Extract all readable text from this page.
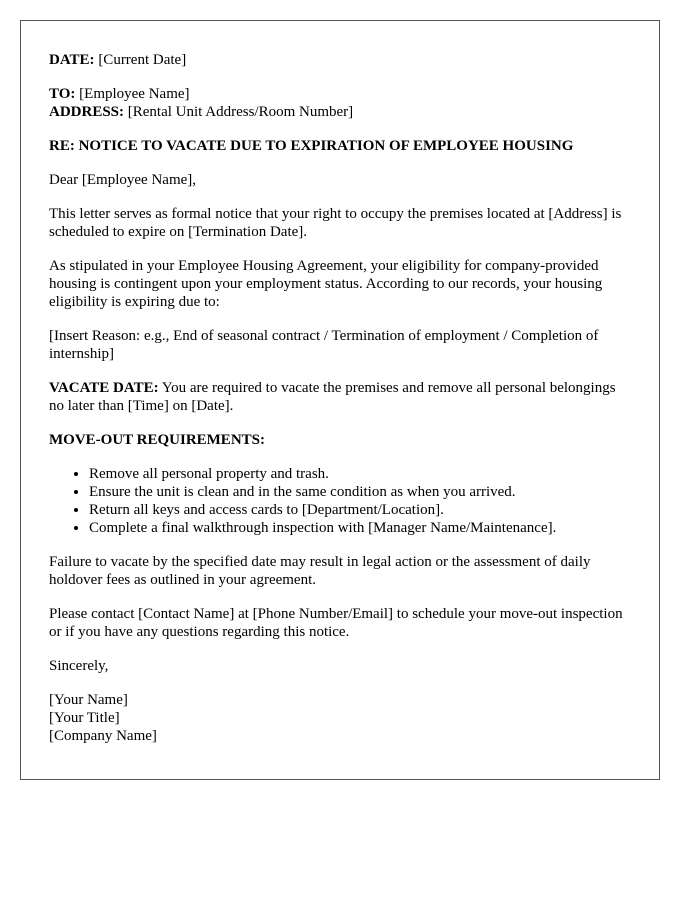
DATE: [Current Date]

TO: [Employee Name]

ADDRESS: [Rental Unit Address/Room Number]

RE: NOTICE TO VACATE DUE TO EXPIRATION OF EMPLOYEE HOUSING

Dear [Employee Name],

This letter serves as formal notice that your right to occupy the premises located at [Address] is scheduled to expire on [Termination Date].

As stipulated in your Employee Housing Agreement, your eligibility for company-provided housing is contingent upon your employment status. According to our records, your housing eligibility is expiring due to:

[Insert Reason: e.g., End of seasonal contract / Termination of employment / Completion of internship]

VACATE DATE: You are required to vacate the premises and remove all personal belongings no later than [Time] on [Date].

MOVE-OUT REQUIREMENTS:

• Remove all personal property and trash.
• Ensure the unit is clean and in the same condition as when you arrived.
• Return all keys and access cards to [Department/Location].
• Complete a final walkthrough inspection with [Manager Name/Maintenance].

Failure to vacate by the specified date may result in legal action or the assessment of daily holdover fees as outlined in your agreement.

Please contact [Contact Name] at [Phone Number/Email] to schedule your move-out inspection or if you have any questions regarding this notice.

Sincerely,

[Your Name]
[Your Title]
[Company Name]
